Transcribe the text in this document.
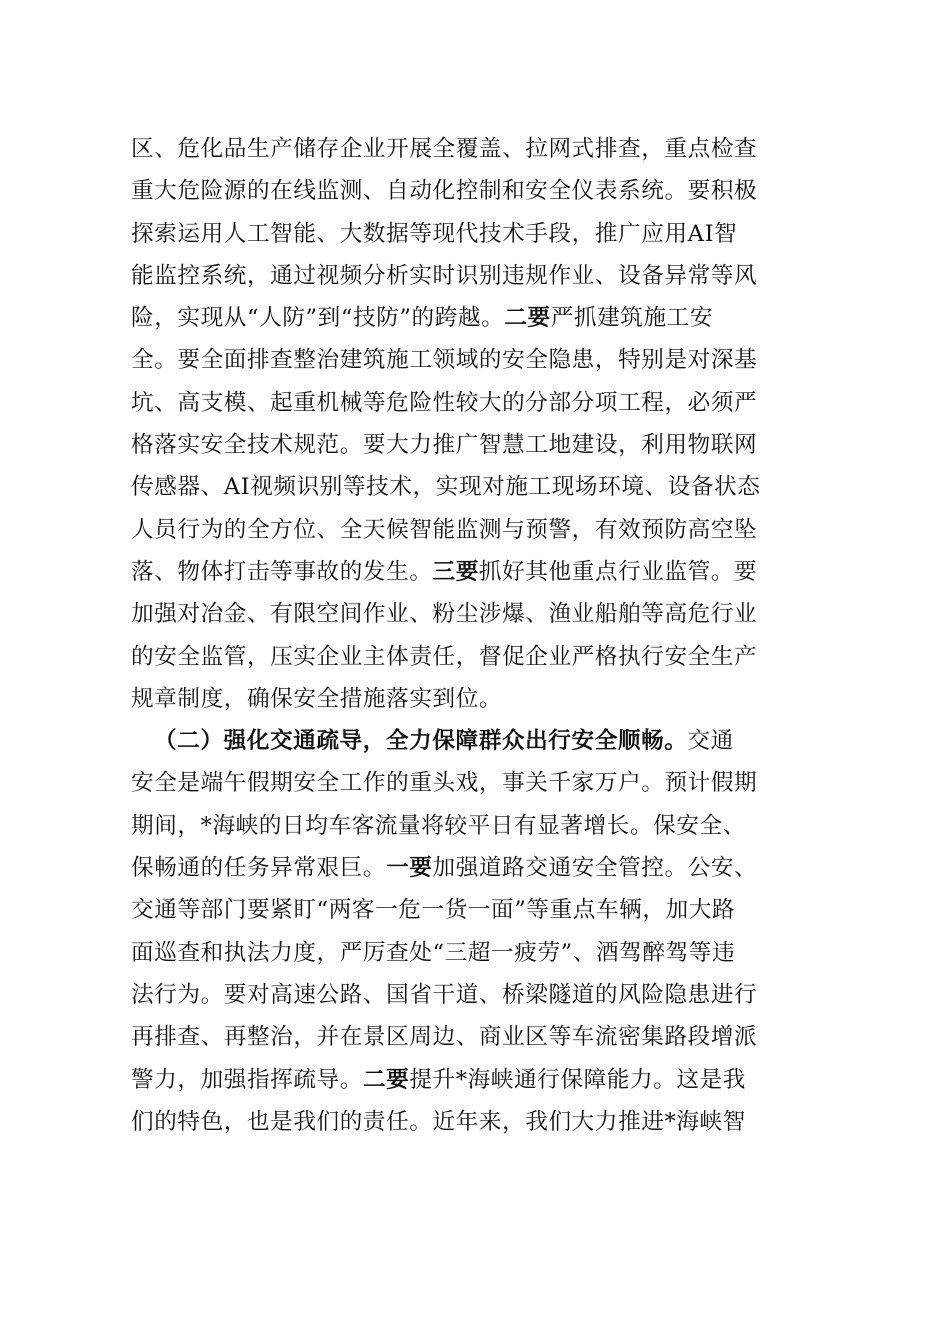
区、危化品生产储存企业开展全覆盖、拉网式排查，重点检查
重大危险源的在线监测、自动化控制和安全仪表系统。要积极
探索运用人工智能、大数据等现代技术手段，推广应用AI智
能监控系统，通过视频分析实时识别违规作业、设备异常等风
险，实现从“人防”到“技防”的跨越。二要严抓建筑施工安
全。要全面排查整治建筑施工领域的安全隐患，特别是对深基
坑、高支模、起重机械等危险性较大的分部分项工程，必须严
格落实安全技术规范。要大力推广智慧工地建设，利用物联网
传感器、AI视频识别等技术，实现对施工现场环境、设备状态
人员行为的全方位、全天候智能监测与预警，有效预防高空坠
落、物体打击等事故的发生。三要抓好其他重点行业监管。要
加强对冶金、有限空间作业、粉尘涉爆、渔业船舶等高危行业
的安全监管，压实企业主体责任，督促企业严格执行安全生产
规章制度，确保安全措施落实到位。
（二）强化交通疏导，全力保障群众出行安全顺畅。交通
安全是端午假期安全工作的重头戏，事关千家万户。预计假期
期间，*海峡的日均车客流量将较平日有显著增长。保安全、
保畅通的任务异常艰巨。一要加强道路交通安全管控。公安、
交通等部门要紧盯“两客一危一货一面”等重点车辆，加大路
面巡查和执法力度，严厉查处“三超一疲劳”、酒驾醉驾等违
法行为。要对高速公路、国省干道、桥梁隧道的风险隐患进行
再排查、再整治，并在景区周边、商业区等车流密集路段增派
警力，加强指挥疏导。二要提升*海峡通行保障能力。这是我
们的特色，也是我们的责任。近年来，我们大力推进*海峡智
